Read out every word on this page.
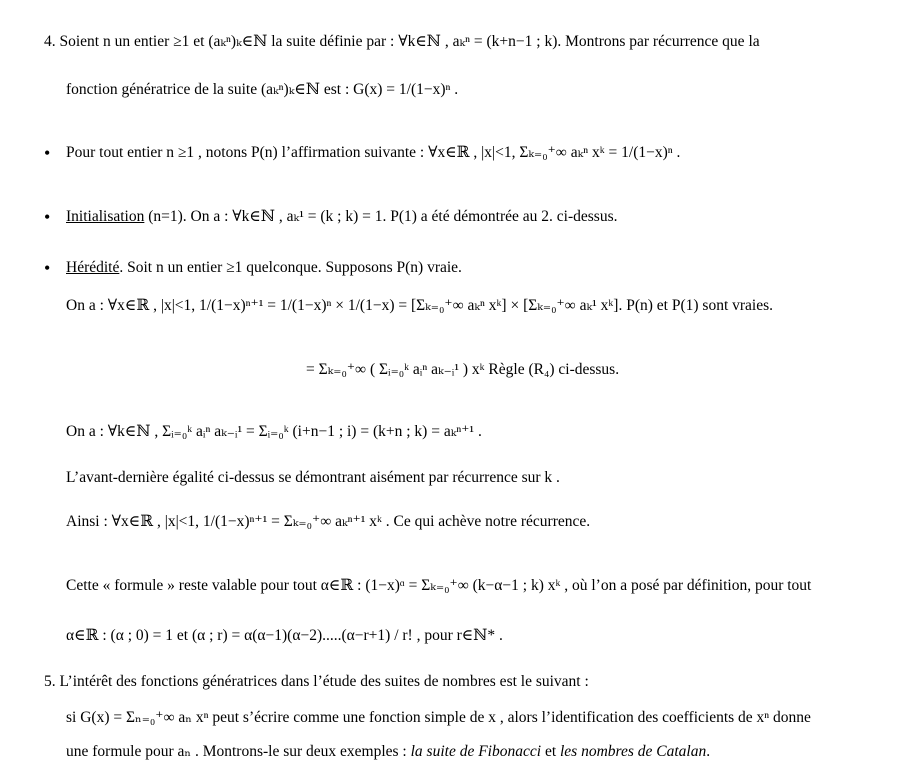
4. Soient n un entier ≥1 et (aₖⁿ)ₖ∈ℕ la suite définie par : ∀k∈ℕ , aₖⁿ = (k+n−1 ; k). Montrons par récurrence que la
fonction génératrice de la suite (aₖⁿ)ₖ∈ℕ est : G(x) = 1/(1−x)ⁿ .
• Pour tout entier n ≥1 , notons P(n) l’affirmation suivante : ∀x∈ℝ , |x|<1, Σₖ₌₀⁺∞ aₖⁿ xᵏ = 1/(1−x)ⁿ .
• Initialisation (n=1). On a : ∀k∈ℕ , aₖ¹ = (k ; k) = 1. P(1) a été démontrée au 2. ci-dessus.
• Hérédité. Soit n un entier ≥1 quelconque. Supposons P(n) vraie.
On a : ∀x∈ℝ , |x|<1, 1/(1−x)ⁿ⁺¹ = 1/(1−x)ⁿ × 1/(1−x) = [Σₖ₌₀⁺∞ aₖⁿ xᵏ] × [Σₖ₌₀⁺∞ aₖ¹ xᵏ]. P(n) et P(1) sont vraies.
= Σₖ₌₀⁺∞ ( Σᵢ₌₀ᵏ aᵢⁿ aₖ₋ᵢ¹ ) xᵏ Règle (R₄) ci-dessus.
On a : ∀k∈ℕ , Σᵢ₌₀ᵏ aᵢⁿ aₖ₋ᵢ¹ = Σᵢ₌₀ᵏ (i+n−1 ; i) = (k+n ; k) = aₖⁿ⁺¹ .
L’avant-dernière égalité ci-dessus se démontrant aisément par récurrence sur k .
Ainsi : ∀x∈ℝ , |x|<1, 1/(1−x)ⁿ⁺¹ = Σₖ₌₀⁺∞ aₖⁿ⁺¹ xᵏ . Ce qui achève notre récurrence.
Cette « formule » reste valable pour tout α∈ℝ : (1−x)ᵅ = Σₖ₌₀⁺∞ (k−α−1 ; k) xᵏ , où l’on a posé par définition, pour tout
α∈ℝ : (α ; 0) = 1 et (α ; r) = α(α−1)(α−2).....(α−r+1) / r! , pour r∈ℕ* .
5. L’intérêt des fonctions génératrices dans l’étude des suites de nombres est le suivant :
si G(x) = Σₙ₌₀⁺∞ aₙ xⁿ peut s’écrire comme une fonction simple de x , alors l’identification des coefficients de xⁿ donne
une formule pour aₙ . Montrons-le sur deux exemples : la suite de Fibonacci et les nombres de Catalan.
